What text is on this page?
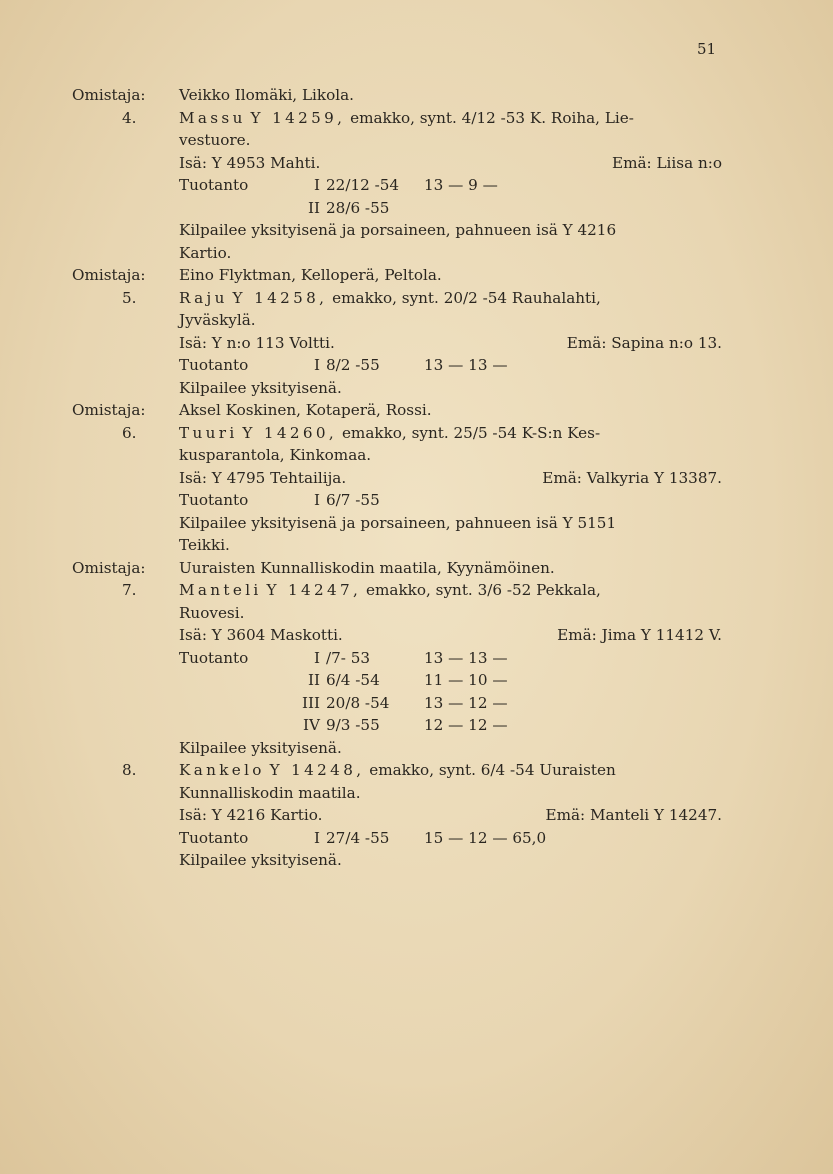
51
Omistaja: Veikko Ilomäki, Likola.
4.	Massu Y 14259, emakko, synt. 4/12 -53 K. Roiha, Lie-
vestuore.
Isä: Y 4953 Mahti.	Emä: Liisa n:o
Tuotanto	I 22/12 -54 13 — 9 —
II 28/6 -55
Kilpailee yksityisenä ja porsaineen, pahnueen isä Y 4216
Kartio.
Omistaja: Eino Flyktman, Kelloperä, Peltola.
5.	Raju Y 14258, emakko, synt. 20/2 -54 Rauhalahti,
Jyväskylä.
Isä: Y n:o 113 Voltti.	Emä: Sapina n:o 13.
Tuotanto	I 8/2 -55	13 — 13 —
Kilpailee yksityisenä.
Omistaja: Aksel Koskinen, Kotaperä, Rossi.
6.	Tuuri Y 14260, emakko, synt. 25/5 -54 K-S:n Kes-
kusparantola, Kinkomaa.
Isä: Y 4795 Tehtailija.	Emä: Valkyria Y 13387.
Tuotanto	I 6/7 -55
Kilpailee yksityisenä ja porsaineen, pahnueen isä Y 5151
Teikki.
Omistaja: Uuraisten Kunnalliskodin maatila, Kyynämöinen.
7.	Manteli Y 14247, emakko, synt. 3/6 -52 Pekkala,
Ruovesi.
Isä: Y 3604 Maskotti.	Emä: Jima Y 11412 V.
Tuotanto	I /7- 53	13 — 13 —
II 6/4 -54	11 — 10 —
III 20/8 -54 13 — 12 —
IV 9/3 -55	12 — 12 —
Kilpailee yksityisenä.
8.	Kankelo Y 14248, emakko, synt. 6/4 -54 Uuraisten
Kunnalliskodin maatila.
Isä: Y 4216 Kartio.	Emä: Manteli Y 14247.
Tuotanto	I 27/4 -55 15 — 12 — 65,0
Kilpailee yksityisenä.
